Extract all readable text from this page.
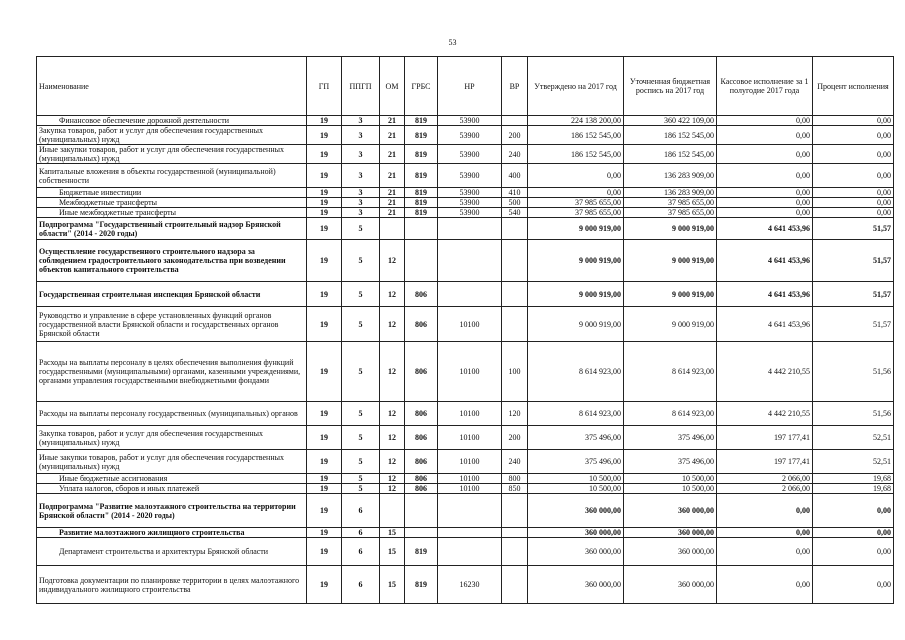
53
Наименование	ГП	ППГП	ОМ	ГРБС	НР	ВР	Утверждено на 2017 год	Уточненная бюджетная роспись на 2017 год	Кассовое исполнение за 1 полугодие 2017 года	Процент исполнения
Финансовое обеспечение дорожной деятельности	19	3	21	819	53900		224 138 200,00	360 422 109,00	0,00	0,00
Закупка товаров, работ и услуг для обеспечения государственных (муниципальных) нужд	19	3	21	819	53900	200	186 152 545,00	186 152 545,00	0,00	0,00
Иные закупки товаров, работ и услуг для обеспечения государственных (муниципальных) нужд	19	3	21	819	53900	240	186 152 545,00	186 152 545,00	0,00	0,00
Капитальные вложения в объекты государственной (муниципальной) собственности	19	3	21	819	53900	400	0,00	136 283 909,00	0,00	0,00
Бюджетные инвестиции	19	3	21	819	53900	410	0,00	136 283 909,00	0,00	0,00
Межбюджетные трансферты	19	3	21	819	53900	500	37 985 655,00	37 985 655,00	0,00	0,00
Иные межбюджетные трансферты	19	3	21	819	53900	540	37 985 655,00	37 985 655,00	0,00	0,00
Подпрограмма "Государственный строительный надзор Брянской области" (2014 - 2020 годы)	19	5					9 000 919,00	9 000 919,00	4 641 453,96	51,57
Осуществление государственного строительного надзора за соблюдением градостроительного законодательства при возведении объектов капитального строительства	19	5	12				9 000 919,00	9 000 919,00	4 641 453,96	51,57
Государственная строительная инспекция Брянской области	19	5	12	806			9 000 919,00	9 000 919,00	4 641 453,96	51,57
Руководство и управление в сфере установленных функций органов государственной власти Брянской области и государственных органов Брянской области	19	5	12	806	10100		9 000 919,00	9 000 919,00	4 641 453,96	51,57
Расходы на выплаты персоналу в целях обеспечения выполнения функций государственными (муниципальными) органами, казенными учреждениями, органами управления государственными внебюджетными фондами	19	5	12	806	10100	100	8 614 923,00	8 614 923,00	4 442 210,55	51,56
Расходы на выплаты персоналу государственных (муниципальных) органов	19	5	12	806	10100	120	8 614 923,00	8 614 923,00	4 442 210,55	51,56
Закупка товаров, работ и услуг для обеспечения государственных (муниципальных) нужд	19	5	12	806	10100	200	375 496,00	375 496,00	197 177,41	52,51
Иные закупки товаров, работ и услуг для обеспечения государственных (муниципальных) нужд	19	5	12	806	10100	240	375 496,00	375 496,00	197 177,41	52,51
Иные бюджетные ассигнования	19	5	12	806	10100	800	10 500,00	10 500,00	2 066,00	19,68
Уплата налогов, сборов и иных платежей	19	5	12	806	10100	850	10 500,00	10 500,00	2 066,00	19,68
Подпрограмма "Развитие малоэтажного строительства на территории Брянской области" (2014 - 2020 годы)	19	6					360 000,00	360 000,00	0,00	0,00
Развитие малоэтажного жилищного строительства	19	6	15				360 000,00	360 000,00	0,00	0,00
Департамент строительства и архитектуры Брянской области	19	6	15	819			360 000,00	360 000,00	0,00	0,00
Подготовка документации по планировке территории в целях малоэтажного индивидуального жилищного строительства	19	6	15	819	16230		360 000,00	360 000,00	0,00	0,00
